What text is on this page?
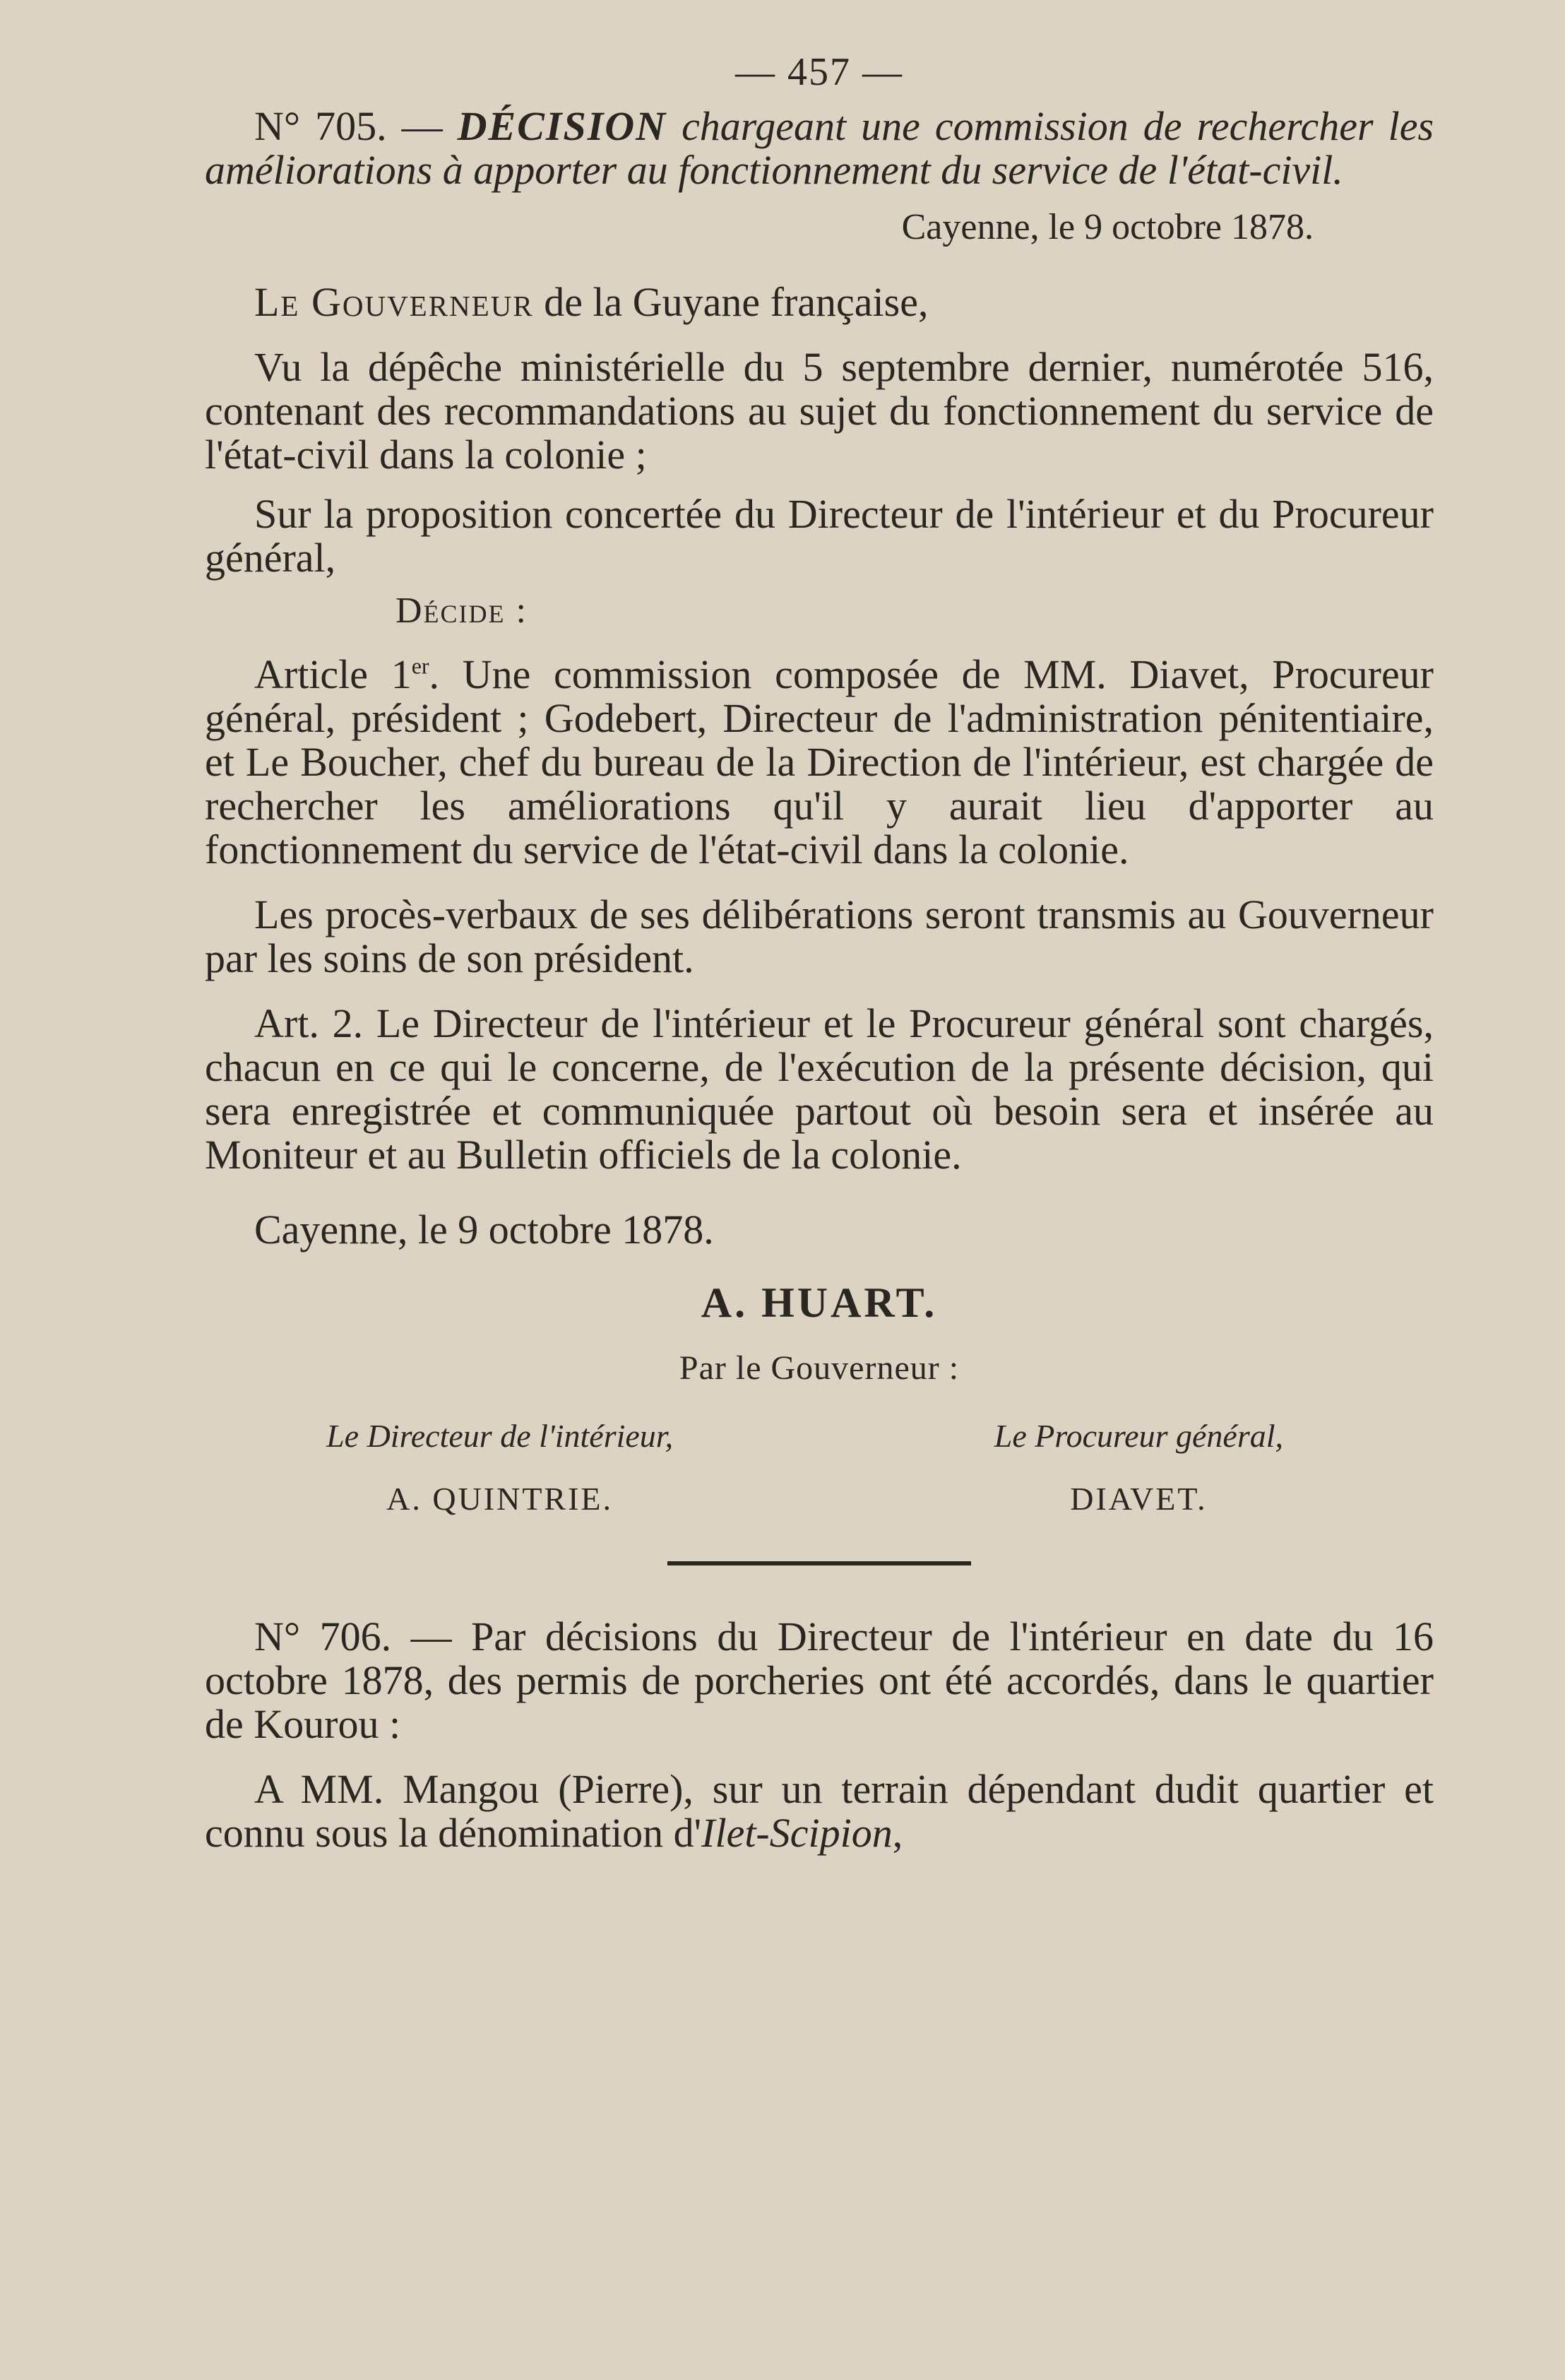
— 457 —

N° 705. — DÉCISION chargeant une commission de rechercher les améliorations à apporter au fonctionnement du service de l'état-civil.

Cayenne, le 9 octobre 1878.

Le Gouverneur de la Guyane française,

Vu la dépêche ministérielle du 5 septembre dernier, numérotée 516, contenant des recommandations au sujet du fonctionnement du service de l'état-civil dans la colonie ;

Sur la proposition concertée du Directeur de l'intérieur et du Procureur général,

Décide :

Article 1er. Une commission composée de MM. Diavet, Procureur général, président ; Godebert, Directeur de l'administration pénitentiaire, et Le Boucher, chef du bureau de la Direction de l'intérieur, est chargée de rechercher les améliorations qu'il y aurait lieu d'apporter au fonctionnement du service de l'état-civil dans la colonie.

Les procès-verbaux de ses délibérations seront transmis au Gouverneur par les soins de son président.

Art. 2. Le Directeur de l'intérieur et le Procureur général sont chargés, chacun en ce qui le concerne, de l'exécution de la présente décision, qui sera enregistrée et communiquée partout où besoin sera et insérée au Moniteur et au Bulletin officiels de la colonie.

Cayenne, le 9 octobre 1878.

A. HUART.
Par le Gouverneur :
Le Directeur de l'intérieur,
A. QUINTRIE.
Le Procureur général,
DIAVET.

N° 706. — Par décisions du Directeur de l'intérieur en date du 16 octobre 1878, des permis de porcheries ont été accordés, dans le quartier de Kourou :

A MM. Mangou (Pierre), sur un terrain dépendant dudit quartier et connu sous la dénomination d'Ilet-Scipion,
